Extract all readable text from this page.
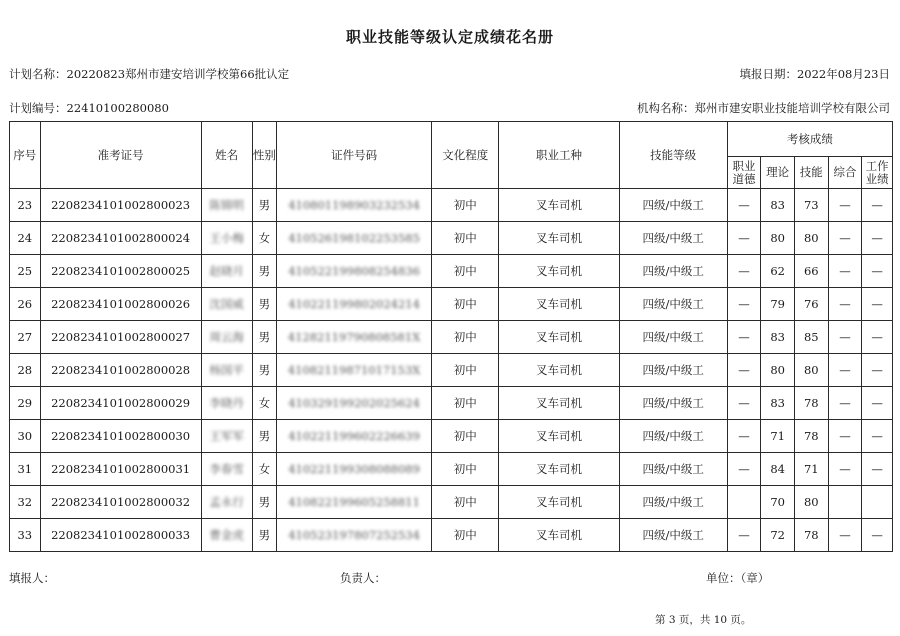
职业技能等级认定成绩花名册
计划名称：20220823郑州市建安培训学校第66批认定	填报日期：2022年08月23日
计划编号：22410100280080	机构名称：郑州市建安职业技能培训学校有限公司
序号	准考证号	姓名	性别	证件号码	文化程度	职业工种	技能等级	考核成绩				
								职业道德	理论	技能	综合	工作业绩
23	220823410100280002​3	陈锦明	男	410801198903232534	初中	叉车司机	四级/中级工	—	83	73	—	—
24	2208234101002800024	王小梅	女	410526198102253585	初中	叉车司机	四级/中级工	—	80	80	—	—
25	2208234101002800025	赵晓月	男	410522199808254836	初中	叉车司机	四级/中级工	—	62	66	—	—
26	2208234101002800026	沈国威	男	410221199802024214	初中	叉车司机	四级/中级工	—	79	76	—	—
27	2208234101002800027	周云海	男	41282119790808581X	初中	叉车司机	四级/中级工	—	83	85	—	—
28	2208234101002800028	杨国平	男	41082119871017153X	初中	叉车司机	四级/中级工	—	80	80	—	—
29	2208234101002800029	李晓丹	女	410329199202025624	初中	叉车司机	四级/中级工	—	83	78	—	—
30	2208234101002800030	王军军	男	410221199602226639	初中	叉车司机	四级/中级工	—	71	78	—	—
31	2208234101002800031	李春雪	女	410221199308088089	初中	叉车司机	四级/中级工	—	84	71	—	—
32	2208234101002800032	孟永行	男	410822199605258811	初中	叉车司机	四级/中级工		70	80		
33	2208234101002800033	曹金虎	男	410523197807252534	初中	叉车司机	四级/中级工	—	72	78	—	—
填报人：	负责人：	单位：（章）
第 3 页，共 10 页。
